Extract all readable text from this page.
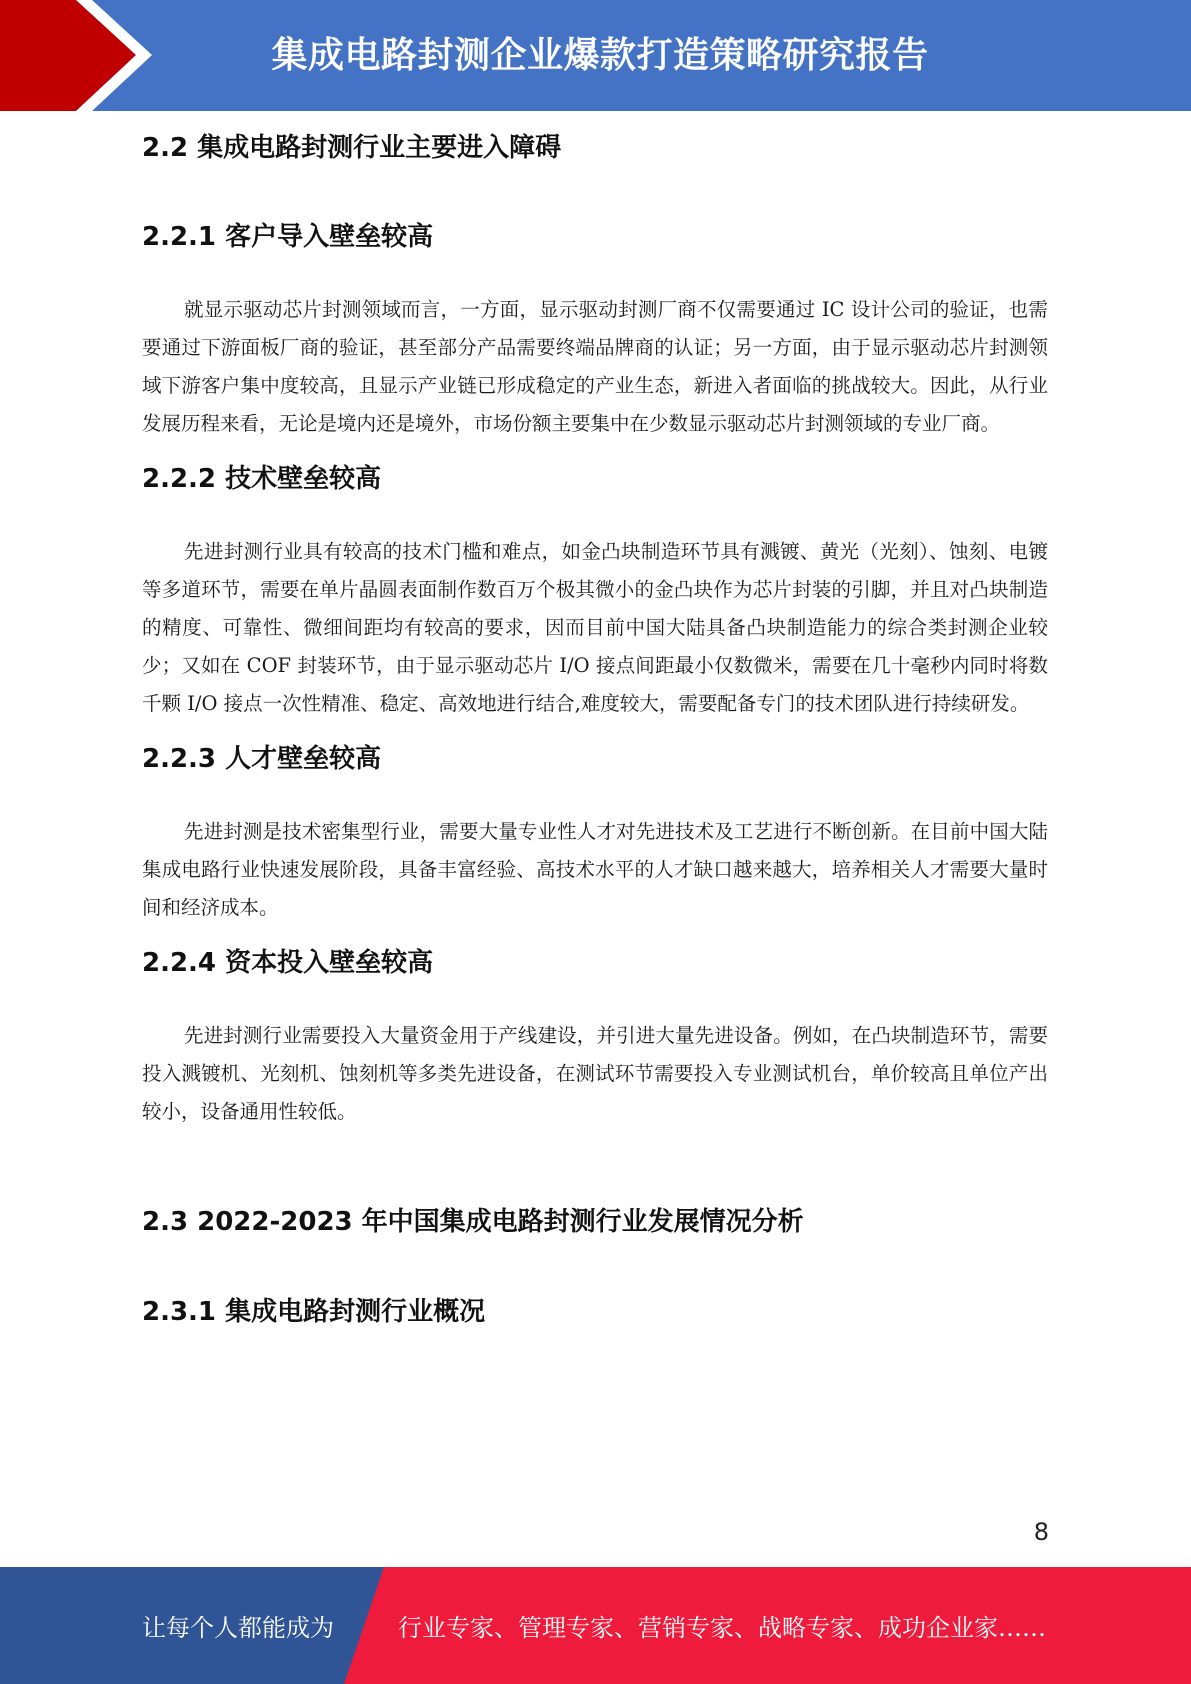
集成电路封测企业爆款打造策略研究报告
2.2 集成电路封测行业主要进入障碍
2.2.1 客户导入壁垒较高

就显示驱动芯片封测领域而言，一方面，显示驱动封测厂商不仅需要通过 IC 设计公司的验证，也需要通过下游面板厂商的验证，甚至部分产品需要终端品牌商的认证；另一方面，由于显示驱动芯片封测领域下游客户集中度较高，且显示产业链已形成稳定的产业生态，新进入者面临的挑战较大。因此，从行业发展历程来看，无论是境内还是境外，市场份额主要集中在少数显示驱动芯片封测领域的专业厂商。

2.2.2 技术壁垒较高

先进封测行业具有较高的技术门槛和难点，如金凸块制造环节具有溅镀、黄光（光刻）、蚀刻、电镀等多道环节，需要在单片晶圆表面制作数百万个极其微小的金凸块作为芯片封装的引脚，并且对凸块制造的精度、可靠性、微细间距均有较高的要求，因而目前中国大陆具备凸块制造能力的综合类封测企业较少；又如在 COF 封装环节，由于显示驱动芯片 I/O 接点间距最小仅数微米，需要在几十毫秒内同时将数千颗 I/O 接点一次性精准、稳定、高效地进行结合,难度较大，需要配备专门的技术团队进行持续研发。

2.2.3 人才壁垒较高

先进封测是技术密集型行业，需要大量专业性人才对先进技术及工艺进行不断创新。在目前中国大陆集成电路行业快速发展阶段，具备丰富经验、高技术水平的人才缺口越来越大，培养相关人才需要大量时间和经济成本。

2.2.4 资本投入壁垒较高

先进封测行业需要投入大量资金用于产线建设，并引进大量先进设备。例如，在凸块制造环节，需要投入溅镀机、光刻机、蚀刻机等多类先进设备，在测试环节需要投入专业测试机台，单价较高且单位产出较小，设备通用性较低。

2.3 2022-2023 年中国集成电路封测行业发展情况分析
2.3.1 集成电路封测行业概况
8
让每个人都能成为	行业专家、管理专家、营销专家、战略专家、成功企业家……
